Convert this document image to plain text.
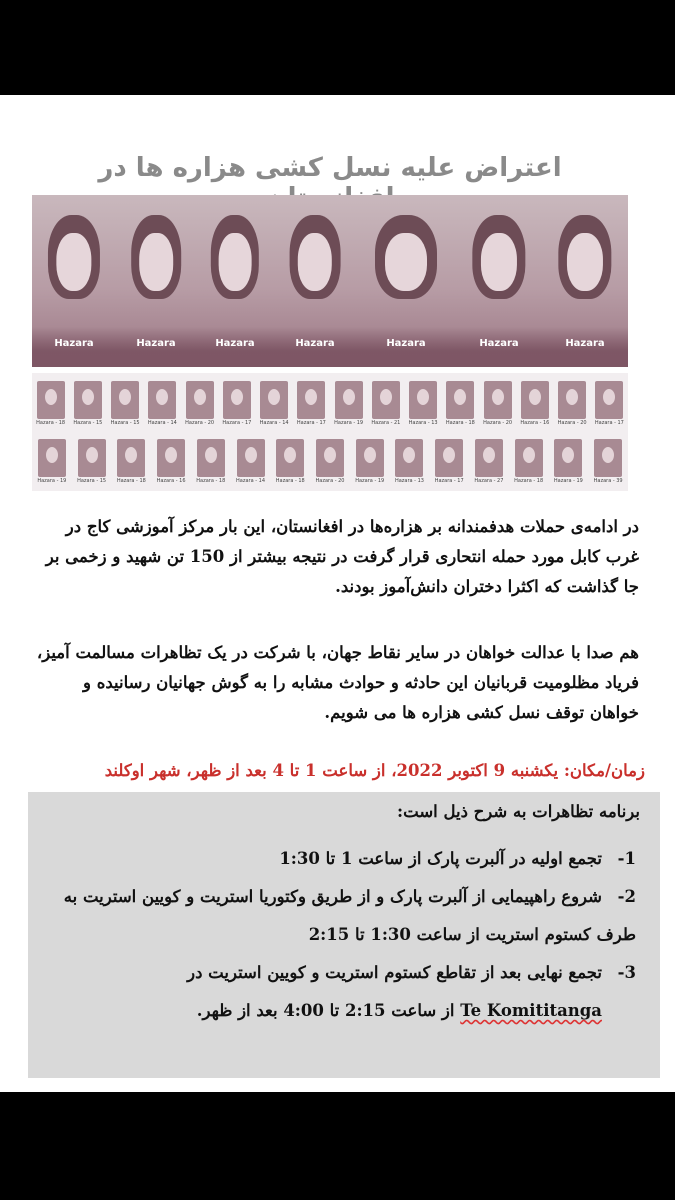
اعتراض علیه نسل کشی هزاره ها در
Hazara	Hazara	Hazara	Hazara	Hazara	Hazara	Hazara
Hazara - 18	Hazara - 15	Hazara - 15	Hazara - 14	Hazara - 20	Hazara - 17	Hazara - 14	Hazara - 17	Hazara - 19	Hazara - 21	Hazara - 13	Hazara - 18	Hazara - 20	Hazara - 16	Hazara - 20	Hazara - 17
Hazara - 19	Hazara - 15	Hazara - 18	Hazara - 16	Hazara - 18	Hazara - 14	Hazara - 18	Hazara - 20	Hazara - 19	Hazara - 13	Hazara - 17	Hazara - 27	Hazara - 18	Hazara - 19	Hazara - 39
در ادامه‌ی حملات هدفمندانه بر هزاره‌ها در افغانستان، این بار مرکز آموزشی کاج در غرب کابل مورد حمله انتحاری قرار گرفت در نتیجه بیشتر از 150 تن شهید و زخمی بر جا گذاشت که اکثرا دختران دانش‌آموز بودند.
هم صدا با عدالت خواهان در سایر نقاط جهان، با شرکت در یک تظاهرات مسالمت آمیز، فریاد مظلومیت قربانیان این حادثه و حوادث مشابه را به گوش جهانیان رسانیده و خواهان توقف نسل کشی هزاره ها می شویم.
زمان/مکان: یکشنبه 9 اکتوبر 2022، از ساعت 1 تا 4 بعد از ظهر، شهر اوکلند
برنامه تظاهرات به شرح ذیل است:
1-تجمع اولیه در آلبرت پارک از ساعت 1 تا 1:30
2-شروع راهپیمایی از آلبرت پارک و از طریق وکتوریا استریت و کویین استریت به طرف کستوم استریت از ساعت 1:30 تا 2:15
3-تجمع نهایی بعد از تقاطع کستوم استریت و کویین استریت در

Te Komititanga از ساعت 2:15 تا 4:00 بعد از ظهر.
